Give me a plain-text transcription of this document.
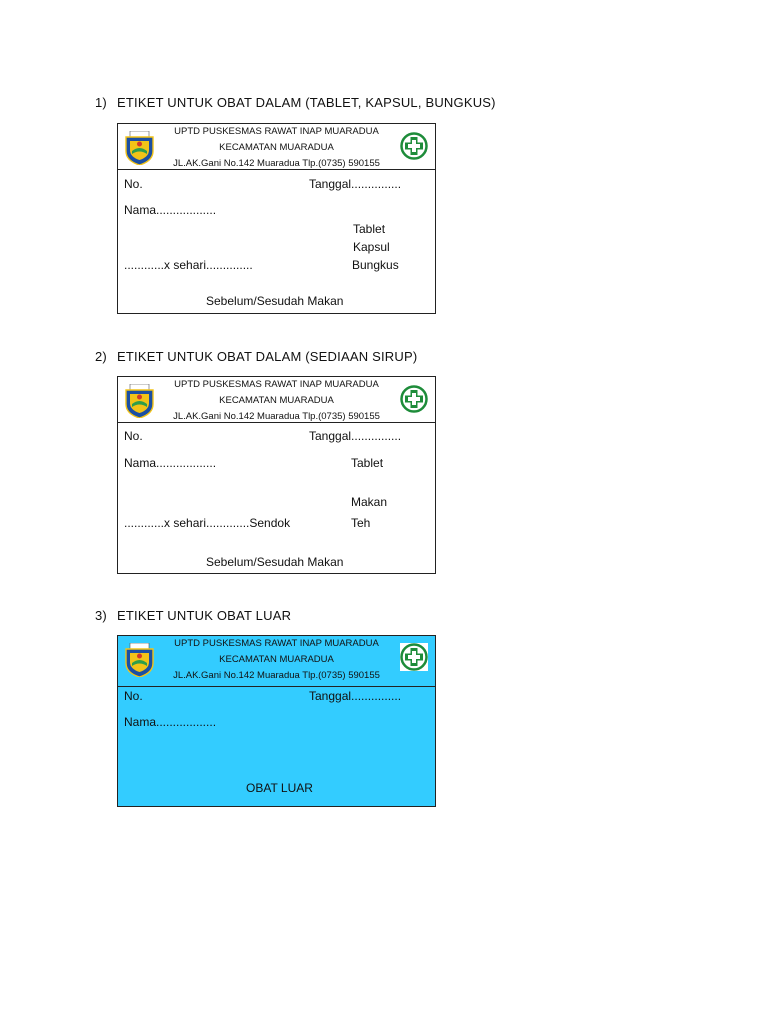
1) ETIKET UNTUK OBAT DALAM (TABLET, KAPSUL, BUNGKUS)
UPTD PUSKESMAS RAWAT INAP MUARADUA
KECAMATAN MUARADUA
JL.AK.Gani No.142 Muaradua Tlp.(0735) 590155
No.	Tanggal...............
Nama..................
Tablet
Kapsul
Bungkus
............x sehari..............
Sebelum/Sesudah Makan
2) ETIKET UNTUK OBAT DALAM (SEDIAAN SIRUP)
UPTD PUSKESMAS RAWAT INAP MUARADUA
KECAMATAN MUARADUA
JL.AK.Gani No.142 Muaradua Tlp.(0735) 590155
No.	Tanggal...............
Nama..................	Tablet
Makan
Teh
............x sehari.............Sendok
Sebelum/Sesudah Makan
3) ETIKET UNTUK OBAT LUAR
UPTD PUSKESMAS RAWAT INAP MUARADUA
KECAMATAN MUARADUA
JL.AK.Gani No.142 Muaradua Tlp.(0735) 590155
No.	Tanggal...............
Nama..................
OBAT LUAR
